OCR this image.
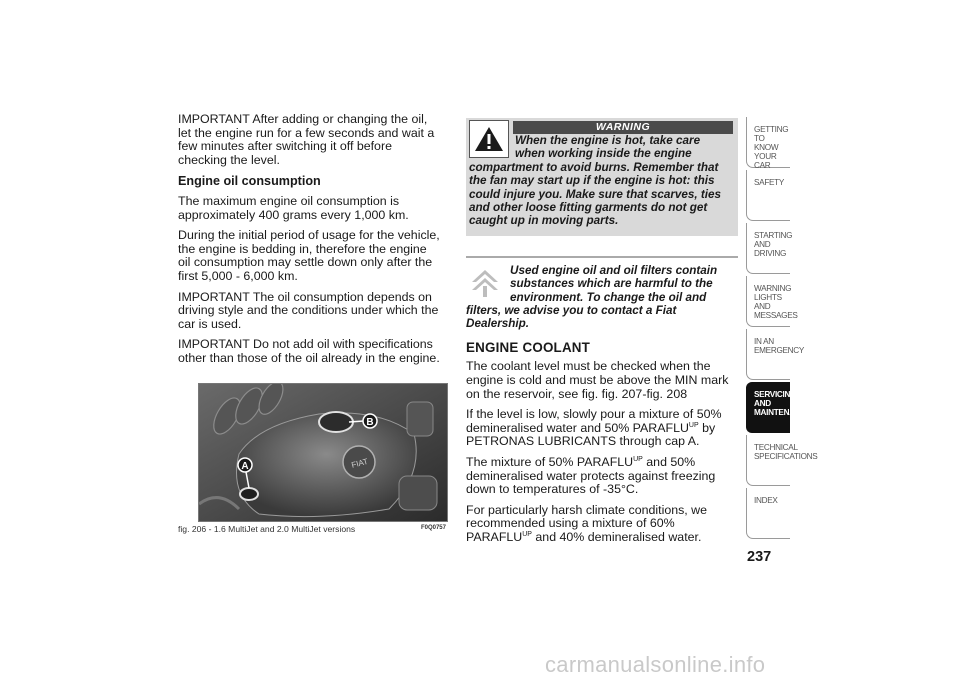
IMPORTANT After adding or changing the oil, let the engine run for a few seconds and wait a few minutes after switching it off before checking the level.

Engine oil consumption

The maximum engine oil consumption is approximately 400 grams every 1,000 km.

During the initial period of usage for the vehicle, the engine is bedding in, therefore the engine oil consumption may settle down only after the first 5,000 - 6,000 km.

IMPORTANT The oil consumption depends on driving style and the conditions under which the car is used.

IMPORTANT Do not add oil with specifications other than those of the oil already in the engine.

FIAT
B
A
fig. 206 - 1.6 MultiJet and 2.0 MultiJet versions	F0Q0757
WARNING
When the engine is hot, take care when working inside the engine compartment to avoid burns. Remember that the fan may start up if the engine is hot: this could injure you. Make sure that scarves, ties and other loose fitting garments do not get caught up in moving parts.
Used engine oil and oil filters contain substances which are harmful to the environment. To change the oil and filters, we advise you to contact a Fiat Dealership.
ENGINE COOLANT

The coolant level must be checked when the engine is cold and must be above the MIN mark on the reservoir, see fig. fig. 207-fig. 208

If the level is low, slowly pour a mixture of 50% demineralised water and 50% $PARAFLU^{UP}$ by PETRONAS LUBRICANTS through cap A.

The mixture of 50% $PARAFLU^{UP}$ and 50% demineralised water protects against freezing down to temperatures of -35°C.

For particularly harsh climate conditions, we recommended using a mixture of 60% $PARAFLU^{UP}$ and 40% demineralised water.

GETTING TO KNOW YOUR CAR
SAFETY
STARTING AND DRIVING
WARNING LIGHTS AND MESSAGES
IN AN EMERGENCY
SERVICING AND MAINTENANCE
TECHNICAL SPECIFICATIONS
INDEX
237
carmanualsonline.info
